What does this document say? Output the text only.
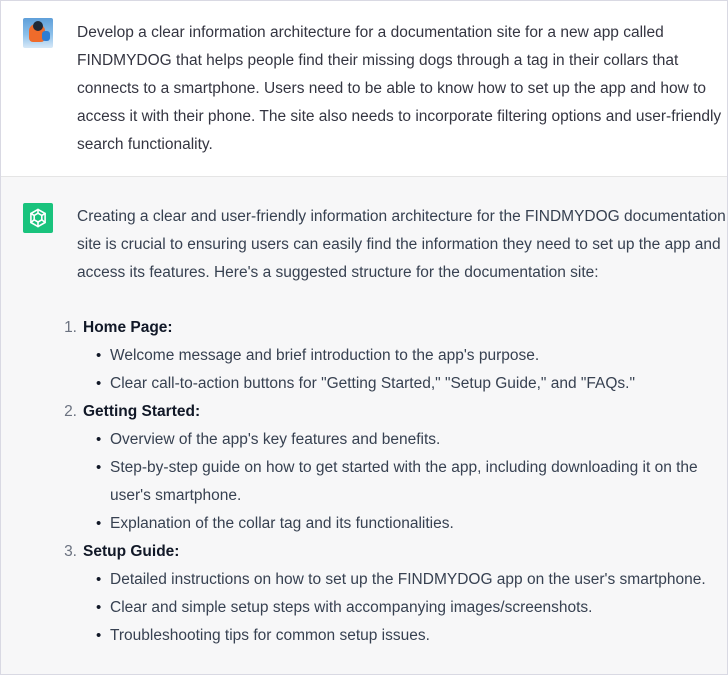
Develop a clear information architecture for a documentation site for a new app called FINDMYDOG that helps people find their missing dogs through a tag in their collars that connects to a smartphone. Users need to be able to know how to set up the app and how to access it with their phone. The site also needs to incorporate filtering options and user-friendly search functionality.

Creating a clear and user-friendly information architecture for the FINDMYDOG documentation site is crucial to ensuring users can easily find the information they need to set up the app and access its features. Here's a suggested structure for the documentation site:

1. Home Page:
• Welcome message and brief introduction to the app's purpose.
• Clear call-to-action buttons for "Getting Started," "Setup Guide," and "FAQs."
2. Getting Started:
• Overview of the app's key features and benefits.
• Step-by-step guide on how to get started with the app, including downloading it on the user's smartphone.
• Explanation of the collar tag and its functionalities.
3. Setup Guide:
• Detailed instructions on how to set up the FINDMYDOG app on the user's smartphone.
• Clear and simple setup steps with accompanying images/screenshots.
• Troubleshooting tips for common setup issues.
